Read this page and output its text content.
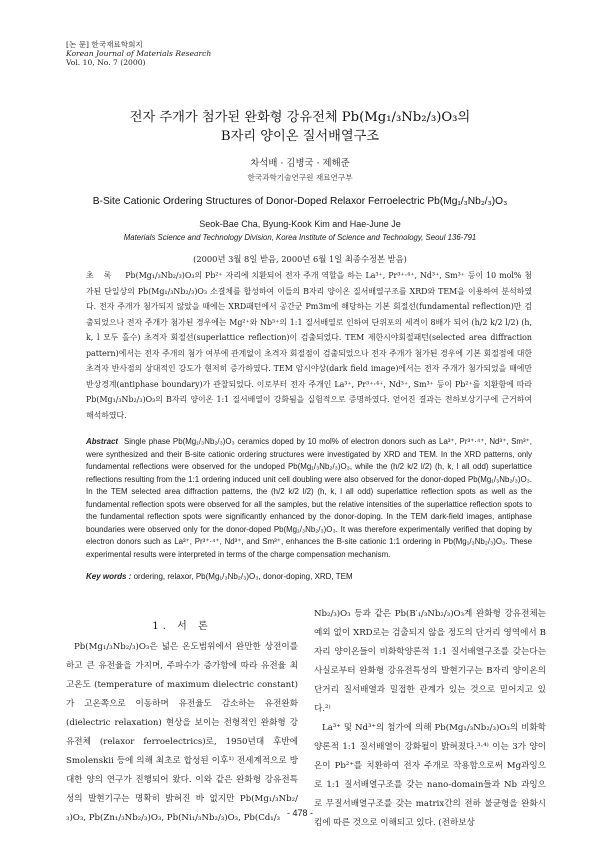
[논 문] 한국재료학회지
Korean Journal of Materials Research
Vol. 10, No. 7 (2000)
전자 주개가 첨가된 완화형 강유전체 Pb(Mg₁/₃Nb₂/₃)O₃의
B자리 양이온 질서배열구조
차석배 · 김병국 · 제해준
한국과학기술연구원 재료연구부
B-Site Cationic Ordering Structures of Donor-Doped Relaxor Ferroelectric Pb(Mg₁/₃Nb₂/₃)O₃
Seok-Bae Cha, Byung-Kook Kim and Hae-June Je
Materials Science and Technology Division, Korea Institute of Science and Technology, Seoul 136-791
(2000년 3월 8일 받음, 2000년 6월 1일 최종수정본 받음)
초록 Pb(Mg₁/₃Nb₂/₃)O₃의 Pb²⁺ 자리에 치환되어 전자 주개 역할을 하는 La³⁺, Pr³⁺·⁴⁺, Nd³⁺, Sm³⁺ 등이 10 mol% 첨가된 단일상의 Pb(Mg₁/₃Nb₂/₃)O₃ 소결체를 합성하여 이들의 B자리 양이온 질서배열구조를 XRD와 TEM을 이용하여 분석하였다. 전자 주개가 첨가되지 않았을 때에는 XRD패턴에서 공간군 Pm3m에 해당하는 기본 회절선(fundamental reflection)만 검출되었으나 전자 주개가 첨가된 경우에는 Mg²⁺와 Nb⁵⁺의 1:1 질서배열로 인하여 단위포의 세격이 8배가 되어 (h/2 k/2 l/2) (h, k, l 모두 홀수) 초격자 회절선(superlattice reflection)이 검출되었다. TEM 제한시야회절패턴(selected area diffraction pattern)에서는 전자 주개의 첨가 여부에 관계없이 초격자 회절점이 검출되었으나 전자 주개가 첨가된 경우에 기본 회절점에 대한 초격자 반사점의 상대적인 강도가 현저히 증가하였다. TEM 암시야상(dark field image)에서는 전자 주개가 첨가되었을 때에만 반상경계(antiphase boundary)가 관찰되었다. 이로부터 전자 주개인 La³⁺, Pr³⁺·⁴⁺, Nd³⁺, Sm³⁺ 등이 Pb²⁺를 치환함에 따라 Pb(Mg₁/₃Nb₂/₃)O₃의 B자리 양이온 1:1 질서배열이 강화됨을 실험적으로 증명하였다. 얻어진 결과는 전하보상기구에 근거하여 해석하였다.
Abstract Single phase Pb(Mg₁/₃Nb₂/₃)O₃ ceramics doped by 10 mol% of electron donors such as La³⁺, Pr³⁺·⁴⁺, Nd³⁺, Sm³⁺, were synthesized and their B-site cationic ordering structures were investigated by XRD and TEM. In the XRD patterns, only fundamental reflections were observed for the undoped Pb(Mg₁/₃Nb₂/₃)O₃, while the (h/2 k/2 l/2) (h, k, l all odd) superlattice reflections resulting from the 1:1 ordering induced unit cell doubling were also observed for the donor-doped Pb(Mg₁/₃Nb₂/₃)O₃. In the TEM selected area diffraction patterns, the (h/2 k/2 l/2) (h, k, l all odd) superlattice reflection spots as well as the fundamental reflection spots were observed for all the samples, but the relative intensities of the superlattice reflection spots to the fundamental reflection spots were significantly enhanced by the donor-doping. In the TEM dark-field images, antiphase boundaries were observed only for the donor-doped Pb(Mg₁/₃Nb₂/₃)O₃. It was therefore experimentally verified that doping by electron donors such as La³⁺, Pr³⁺·⁴⁺, Nd³⁺, and Sm³⁺, enhances the B-site cationic 1:1 ordering in Pb(Mg₁/₃Nb₂/₃)O₃. These experimental results were interpreted in terms of the charge compensation mechanism.
Key words : ordering, relaxor, Pb(Mg₁/₃Nb₂/₃)O₃, donor-doping, XRD, TEM
1. 서 론
Pb(Mg₁/₃Nb₂/₃)O₃은 넓은 온도범위에서 완만한 상전이를 하고 큰 유전율을 가지며, 주파수가 증가함에 따라 유전율 최고온도 (temperature of maximum dielectric constant)가 고온쪽으로 이동하며 유전율도 감소하는 유전완화 (dielectric relaxation) 현상을 보이는 전형적인 완화형 강유전체 (relaxor ferroelectrics)로, 1950년대 후반에 Smolenskii 등에 의해 최초로 합성된 이후¹⁾ 전세계적으로 방대한 양의 연구가 진행되어 왔다. 이와 같은 완화형 강유전특성의 발현기구는 명확히 밝혀진 바 없지만 Pb(Mg₁/₃Nb₂/₃)O₃, Pb(Zn₁/₃Nb₂/₃)O₃, Pb(Ni₁/₃Nb₂/₃)O₃, Pb(Cd₁/₃

Nb₂/₃)O₃ 등과 같은 Pb(B′₁/₃Nb₂/₃)O₃계 완화형 강유전체는 예외 없이 XRD로는 검출되지 않을 정도의 단거리 영역에서 B자리 양이온들이 비화학양론적 1:1 질서배열구조를 갖는다는 사실로부터 완화형 강유전특성의 발현기구는 B자리 양이온의 단거리 질서배열과 밀접한 관계가 있는 것으로 믿어지고 있다.²⁾

La³⁺ 및 Nd³⁺의 첨가에 의해 Pb(Mg₁/₃Nb₂/₃)O₃의 비화학양론적 1:1 질서배열이 강화될이 밝혀졌다.³·⁴⁾ 이는 3가 양이온이 Pb²⁺를 치환하여 전자 주개로 작용함으로써 Mg과잉으로 1:1 질서배열구조를 갖는 nano-domain들과 Nb 과잉으로 무질서배열구조를 갖는 matrix간의 전하 불균형을 완화시킴에 따른 것으로 이해되고 있다. (전하보상

- 478 -
